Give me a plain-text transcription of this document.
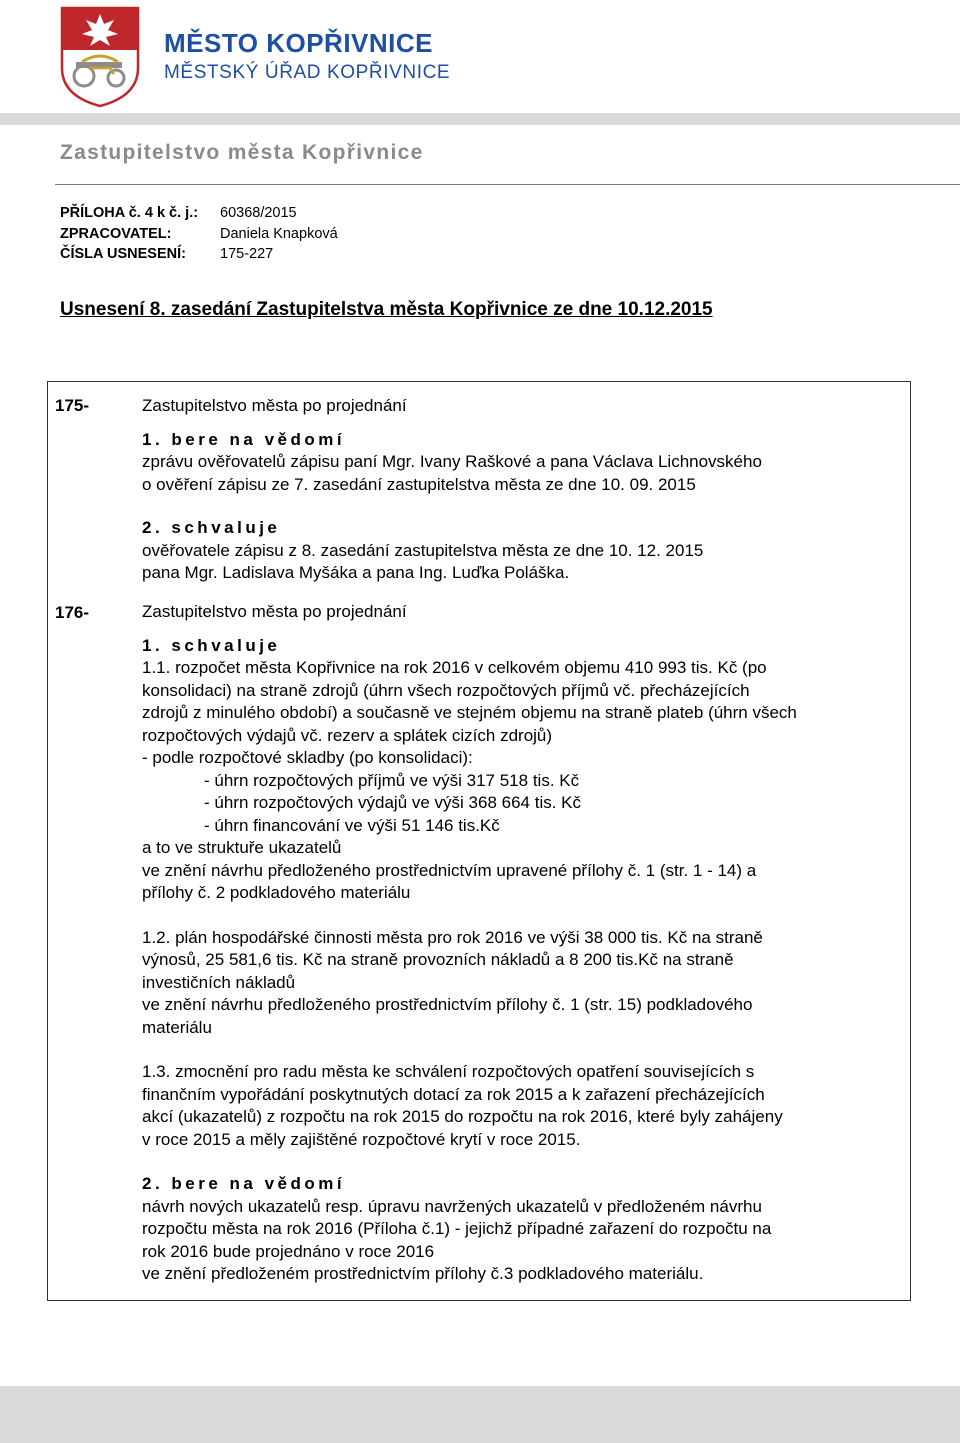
MĚSTO KOPŘIVNICE
MĚSTSKÝ ÚŘAD KOPŘIVNICE
Zastupitelstvo města Kopřivnice
PŘÍLOHA č. 4 k č. j.: 60368/2015
ZPRACOVATEL:	Daniela Knapková
ČÍSLA USNESENÍ: 175-227
Usnesení 8. zasedání Zastupitelstva města Kopřivnice ze dne 10.12.2015
175-	Zastupitelstvo města po projednání
1. bere na vědomí
zprávu ověřovatelů zápisu paní Mgr. Ivany Raškové a pana Václava Lichnovského
o ověření zápisu ze 7. zasedání zastupitelstva města ze dne 10. 09. 2015
2. schvaluje
ověřovatele zápisu z 8. zasedání zastupitelstva města ze dne 10. 12. 2015
pana Mgr. Ladislava Myšáka a pana Ing. Luďka Poláška.
176-	Zastupitelstvo města po projednání
1. schvaluje
1.1. rozpočet města Kopřivnice na rok 2016 v celkovém objemu 410 993 tis. Kč (po
konsolidaci) na straně zdrojů (úhrn všech rozpočtových příjmů vč. přecházejících
zdrojů z minulého období) a současně ve stejném objemu na straně plateb (úhrn všech
rozpočtových výdajů vč. rezerv a splátek cizích zdrojů)
- podle rozpočtové skladby (po konsolidaci):
- úhrn rozpočtových příjmů ve výši 317 518 tis. Kč
- úhrn rozpočtových výdajů ve výši 368 664 tis. Kč
- úhrn financování ve výši 51 146 tis.Kč
a to ve struktuře ukazatelů
ve znění návrhu předloženého prostřednictvím upravené přílohy č. 1 (str. 1 - 14) a
přílohy č. 2 podkladového materiálu
1.2. plán hospodářské činnosti města pro rok 2016 ve výši 38 000 tis. Kč na straně
výnosů, 25 581,6 tis. Kč na straně provozních nákladů a 8 200 tis.Kč na straně
investičních nákladů
ve znění návrhu předloženého prostřednictvím přílohy č. 1 (str. 15) podkladového
materiálu
1.3. zmocnění pro radu města ke schválení rozpočtových opatření souvisejících s
finančním vypořádání poskytnutých dotací za rok 2015 a k zařazení přecházejících
akcí (ukazatelů) z rozpočtu na rok 2015 do rozpočtu na rok 2016, které byly zahájeny
v roce 2015 a měly zajištěné rozpočtové krytí v roce 2015.
2. bere na vědomí
návrh nových ukazatelů resp. úpravu navržených ukazatelů v předloženém návrhu
rozpočtu města na rok 2016 (Příloha č.1) - jejichž případné zařazení do rozpočtu na
rok 2016 bude projednáno v roce 2016
ve znění předloženém prostřednictvím přílohy č.3 podkladového materiálu.
